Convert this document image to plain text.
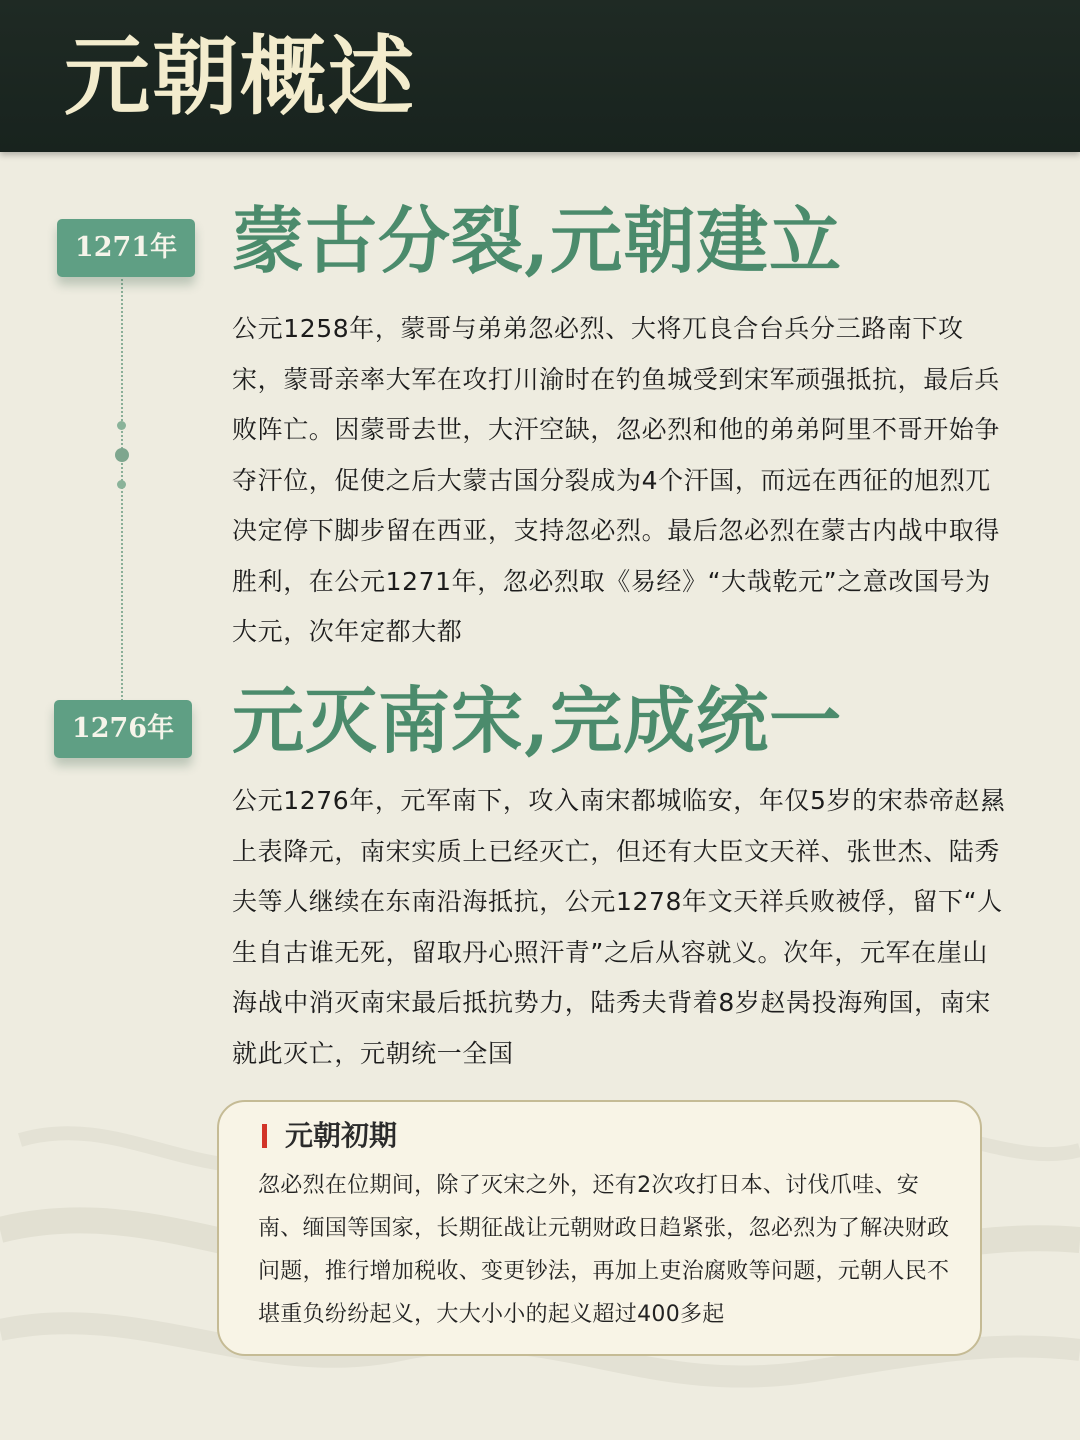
元朝概述
1271年 蒙古分裂,元朝建立

公元1258年，蒙哥与弟弟忽必烈、大将兀良合台兵分三路南下攻宋，蒙哥亲率大军在攻打川渝时在钓鱼城受到宋军顽强抵抗，最后兵败阵亡。因蒙哥去世，大汗空缺，忽必烈和他的弟弟阿里不哥开始争夺汗位，促使之后大蒙古国分裂成为4个汗国，而远在西征的旭烈兀决定停下脚步留在西亚，支持忽必烈。最后忽必烈在蒙古内战中取得胜利，在公元1271年，忽必烈取《易经》“大哉乾元”之意改国号为大元，次年定都大都

1276年 元灭南宋,完成统一

公元1276年，元军南下，攻入南宋都城临安，年仅5岁的宋恭帝赵㬎上表降元，南宋实质上已经灭亡，但还有大臣文天祥、张世杰、陆秀夫等人继续在东南沿海抵抗，公元1278年文天祥兵败被俘，留下“人生自古谁无死，留取丹心照汗青”之后从容就义。次年，元军在崖山海战中消灭南宋最后抵抗势力，陆秀夫背着8岁赵昺投海殉国，南宋就此灭亡，元朝统一全国

元朝初期

忽必烈在位期间，除了灭宋之外，还有2次攻打日本、讨伐爪哇、安南、缅国等国家，长期征战让元朝财政日趋紧张，忽必烈为了解决财政问题，推行增加税收、变更钞法，再加上吏治腐败等问题，元朝人民不堪重负纷纷起义，大大小小的起义超过400多起
